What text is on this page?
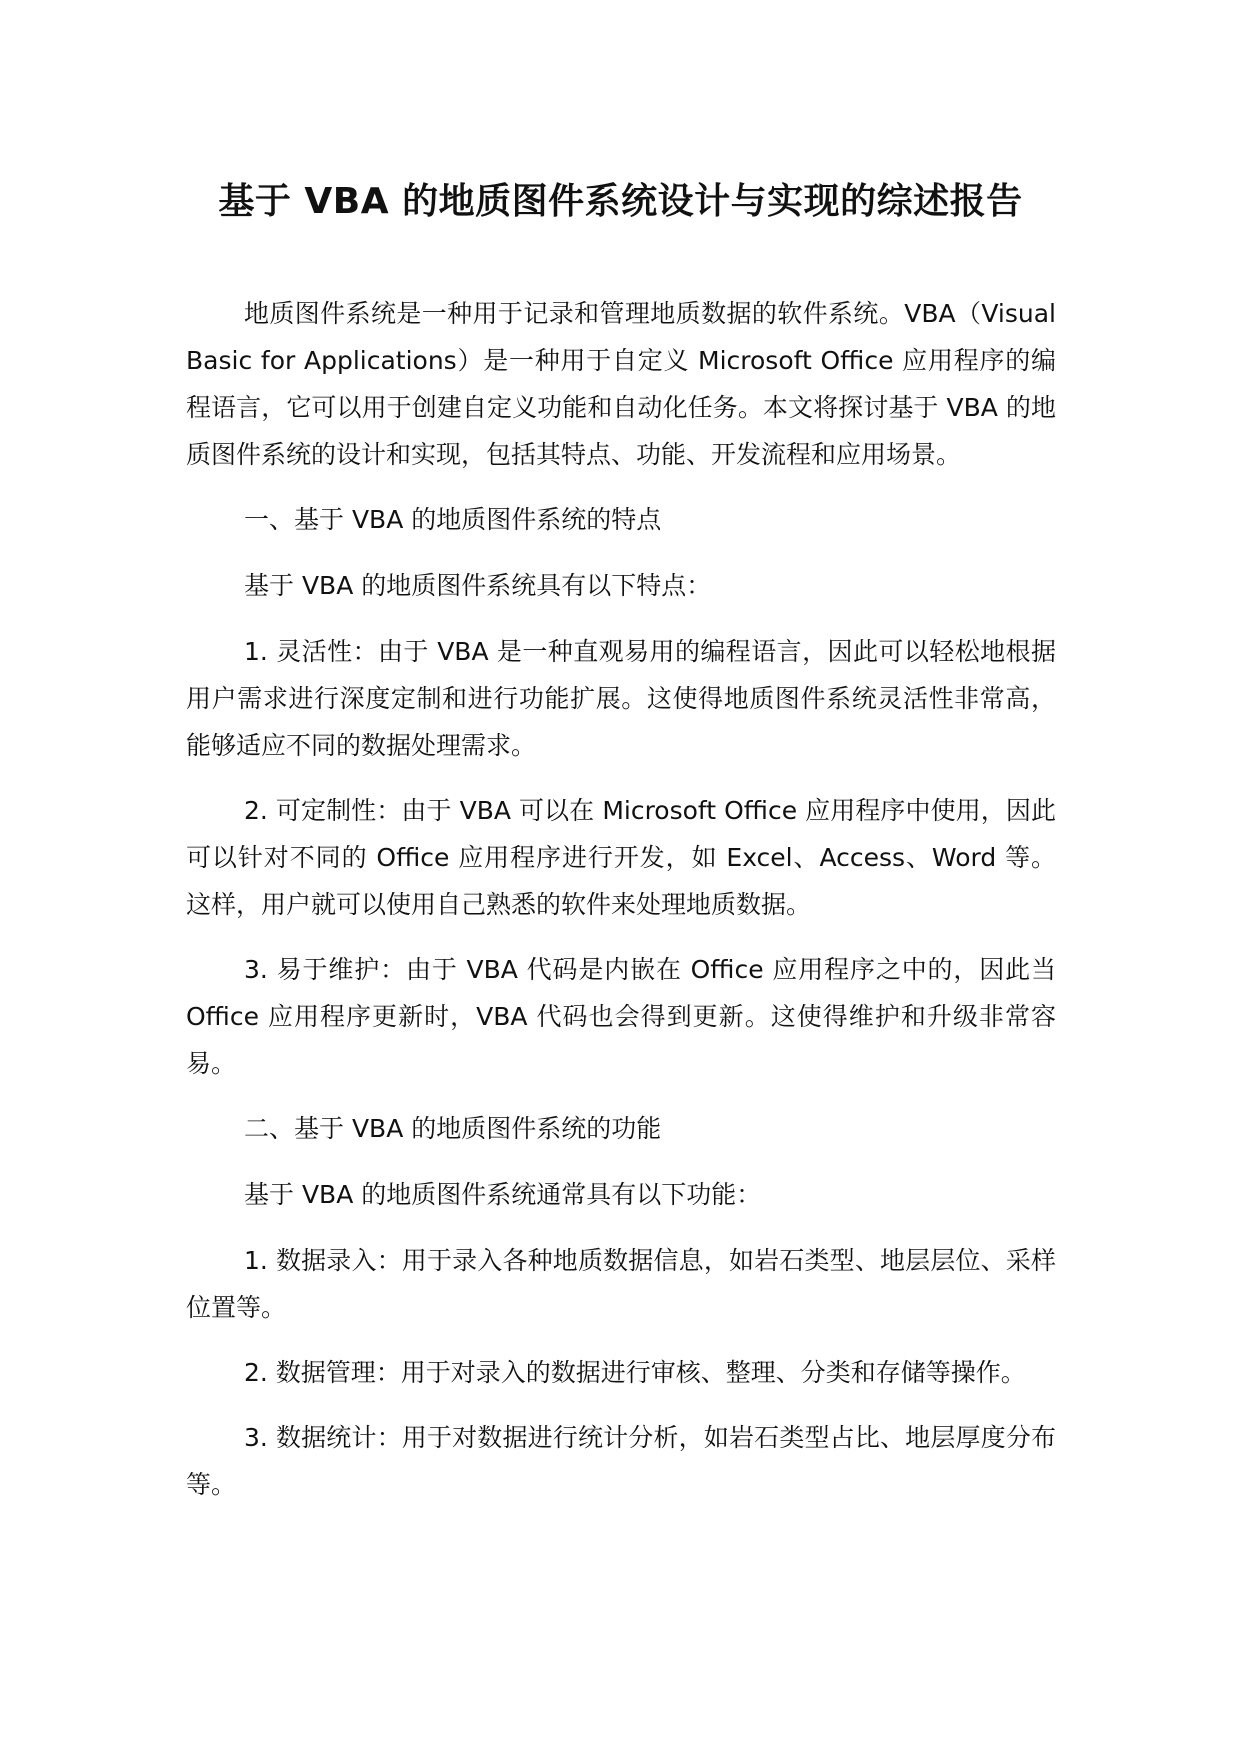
基于 VBA 的地质图件系统设计与实现的综述报告

地质图件系统是一种用于记录和管理地质数据的软件系统。VBA（Visual Basic for Applications）是一种用于自定义 Microsoft Office 应用程序的编程语言，它可以用于创建自定义功能和自动化任务。本文将探讨基于 VBA 的地质图件系统的设计和实现，包括其特点、功能、开发流程和应用场景。

一、基于 VBA 的地质图件系统的特点

基于 VBA 的地质图件系统具有以下特点：

1. 灵活性：由于 VBA 是一种直观易用的编程语言，因此可以轻松地根据用户需求进行深度定制和进行功能扩展。这使得地质图件系统灵活性非常高，能够适应不同的数据处理需求。

2. 可定制性：由于 VBA 可以在 Microsoft Office 应用程序中使用，因此可以针对不同的 Office 应用程序进行开发，如 Excel、Access、Word 等。这样，用户就可以使用自己熟悉的软件来处理地质数据。

3. 易于维护：由于 VBA 代码是内嵌在 Office 应用程序之中的，因此当 Office 应用程序更新时，VBA 代码也会得到更新。这使得维护和升级非常容易。

二、基于 VBA 的地质图件系统的功能

基于 VBA 的地质图件系统通常具有以下功能：

1. 数据录入：用于录入各种地质数据信息，如岩石类型、地层层位、采样位置等。

2. 数据管理：用于对录入的数据进行审核、整理、分类和存储等操作。

3. 数据统计：用于对数据进行统计分析，如岩石类型占比、地层厚度分布等。
